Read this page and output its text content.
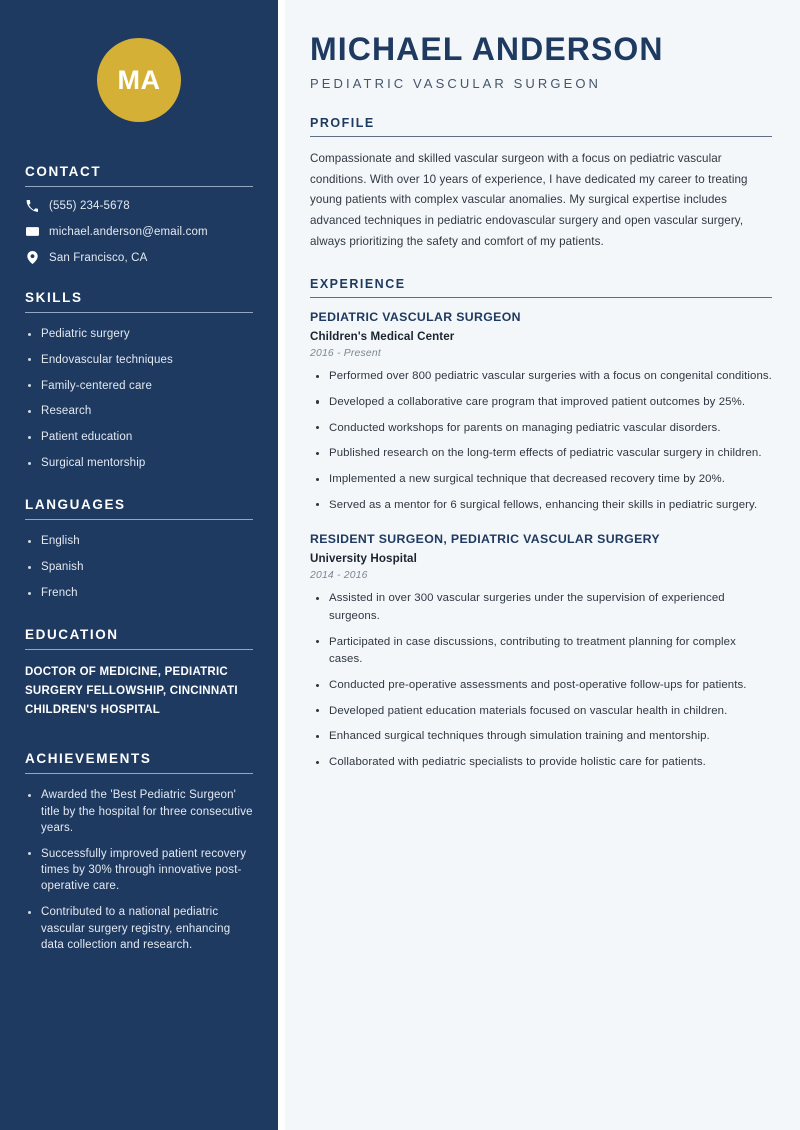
MA
CONTACT
(555) 234-5678
michael.anderson@email.com
San Francisco, CA
SKILLS
Pediatric surgery
Endovascular techniques
Family-centered care
Research
Patient education
Surgical mentorship
LANGUAGES
English
Spanish
French
EDUCATION
DOCTOR OF MEDICINE, PEDIATRIC SURGERY FELLOWSHIP, CINCINNATI CHILDREN'S HOSPITAL
ACHIEVEMENTS
Awarded the 'Best Pediatric Surgeon' title by the hospital for three consecutive years.
Successfully improved patient recovery times by 30% through innovative post-operative care.
Contributed to a national pediatric vascular surgery registry, enhancing data collection and research.
MICHAEL ANDERSON
PEDIATRIC VASCULAR SURGEON
PROFILE

Compassionate and skilled vascular surgeon with a focus on pediatric vascular conditions. With over 10 years of experience, I have dedicated my career to treating young patients with complex vascular anomalies. My surgical expertise includes advanced techniques in pediatric endovascular surgery and open vascular surgery, always prioritizing the safety and comfort of my patients.

EXPERIENCE
PEDIATRIC VASCULAR SURGEON
Children's Medical Center
2016 - Present
Performed over 800 pediatric vascular surgeries with a focus on congenital conditions.
Developed a collaborative care program that improved patient outcomes by 25%.
Conducted workshops for parents on managing pediatric vascular disorders.
Published research on the long-term effects of pediatric vascular surgery in children.
Implemented a new surgical technique that decreased recovery time by 20%.
Served as a mentor for 6 surgical fellows, enhancing their skills in pediatric surgery.
RESIDENT SURGEON, PEDIATRIC VASCULAR SURGERY
University Hospital
2014 - 2016
Assisted in over 300 vascular surgeries under the supervision of experienced surgeons.
Participated in case discussions, contributing to treatment planning for complex cases.
Conducted pre-operative assessments and post-operative follow-ups for patients.
Developed patient education materials focused on vascular health in children.
Enhanced surgical techniques through simulation training and mentorship.
Collaborated with pediatric specialists to provide holistic care for patients.
